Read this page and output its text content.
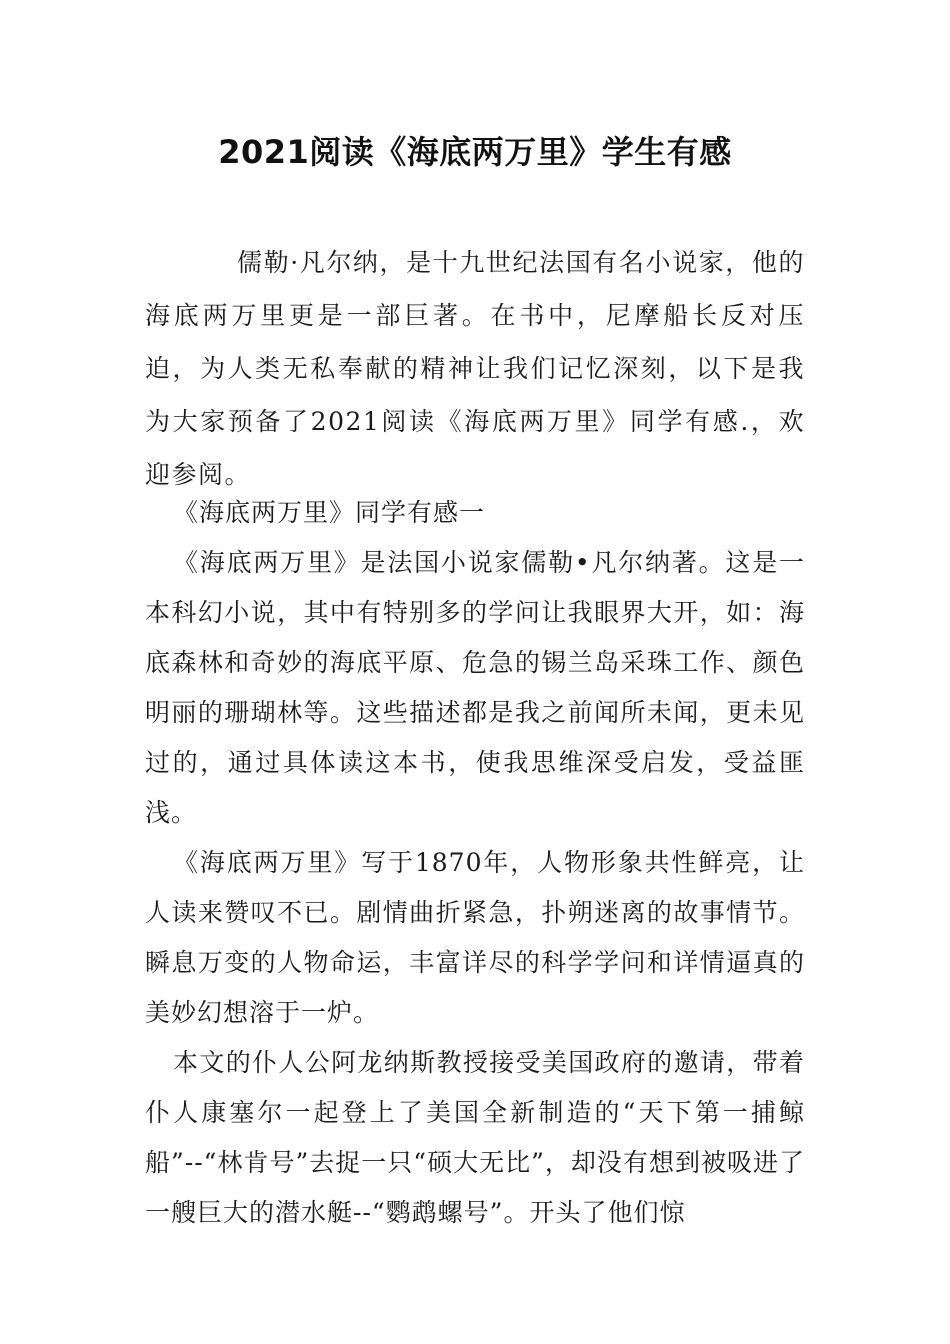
2021阅读《海底两万里》学生有感

儒勒·凡尔纳，是十九世纪法国有名小说家，他的海底两万里更是一部巨著。在书中，尼摩船长反对压迫，为人类无私奉献的精神让我们记忆深刻，以下是我为大家预备了2021阅读《海底两万里》同学有感.，欢迎参阅。

《海底两万里》同学有感一

《海底两万里》是法国小说家儒勒•凡尔纳著。这是一本科幻小说，其中有特别多的学问让我眼界大开，如：海底森林和奇妙的海底平原、危急的锡兰岛采珠工作、颜色明丽的珊瑚林等。这些描述都是我之前闻所未闻，更未见过的，通过具体读这本书，使我思维深受启发，受益匪浅。

《海底两万里》写于1870年，人物形象共性鲜亮，让人读来赞叹不已。剧情曲折紧急，扑朔迷离的故事情节。瞬息万变的人物命运，丰富详尽的科学学问和详情逼真的美妙幻想溶于一炉。

本文的仆人公阿龙纳斯教授接受美国政府的邀请，带着仆人康塞尔一起登上了美国全新制造的“天下第一捕鲸船”--“林肯号”去捉一只“硕大无比”，却没有想到被吸进了一艘巨大的潜水艇--“鹦鹉螺号”。开头了他们惊
